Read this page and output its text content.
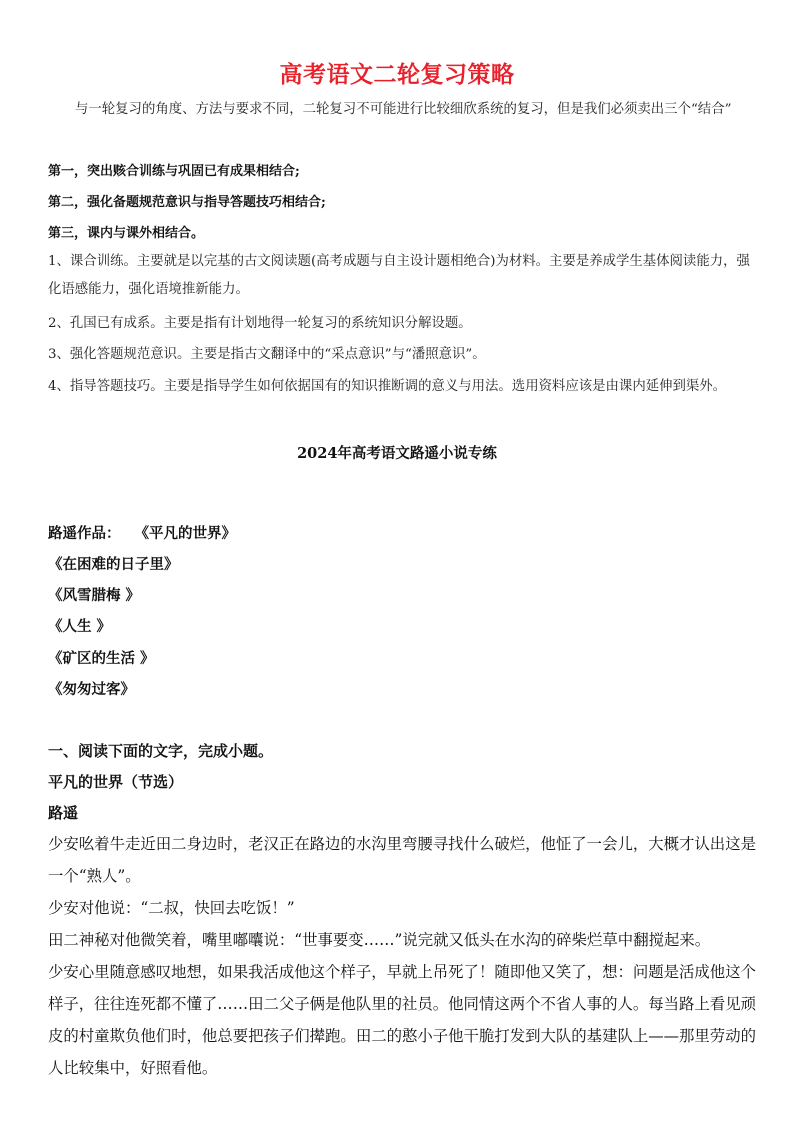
高考语文二轮复习策略
与一轮复习的角度、方法与要求不同，二轮复习不可能进行比较细欣系统的复习，但是我们必须卖出三个“结合”
第一，突出赅合训练与巩固已有成果相结合;
第二，强化备题规范意识与指导答题技巧相结合;
第三，课内与课外相结合。
1、课合训练。主要就是以完基的古文阅读题(高考成题与自主设计题相绝合)为材料。主要是养成学生基体阅读能力，强化语感能力，强化语境推新能力。
2、孔国已有成系。主要是指有计划地得一轮复习的系统知识分解设题。
3、强化答题规范意识。主要是指古文翻译中的“采点意识”与“潘照意识”。
4、指导答题技巧。主要是指导学生如何依据国有的知识推断调的意义与用法。选用资料应该是由课内延伸到渠外。
2024年高考语文路遥小说专练
路遥作品： 《平凡的世界》
《在困难的日子里》
《风雪腊梅 》
《人生 》
《矿区的生活 》
《匆匆过客》
一、阅读下面的文字，完成小题。
平凡的世界（节选）
路遥
少安吆着牛走近田二身边时，老汉正在路边的水沟里弯腰寻找什么破烂，他怔了一会儿，大概才认出这是一个“熟人”。
少安对他说：“二叔，快回去吃饭！”
田二神秘对他微笑着，嘴里嘟囔说：“世事要变……”说完就又低头在水沟的碎柴烂草中翻搅起来。
少安心里随意感叹地想，如果我活成他这个样子，早就上吊死了！随即他又笑了，想：问题是活成他这个样子，往往连死都不懂了……田二父子俩是他队里的社员。他同情这两个不省人事的人。每当路上看见顽皮的村童欺负他们时，他总要把孩子们撵跑。田二的憨小子他干脆打发到大队的基建队上——那里劳动的人比较集中，好照看他。
